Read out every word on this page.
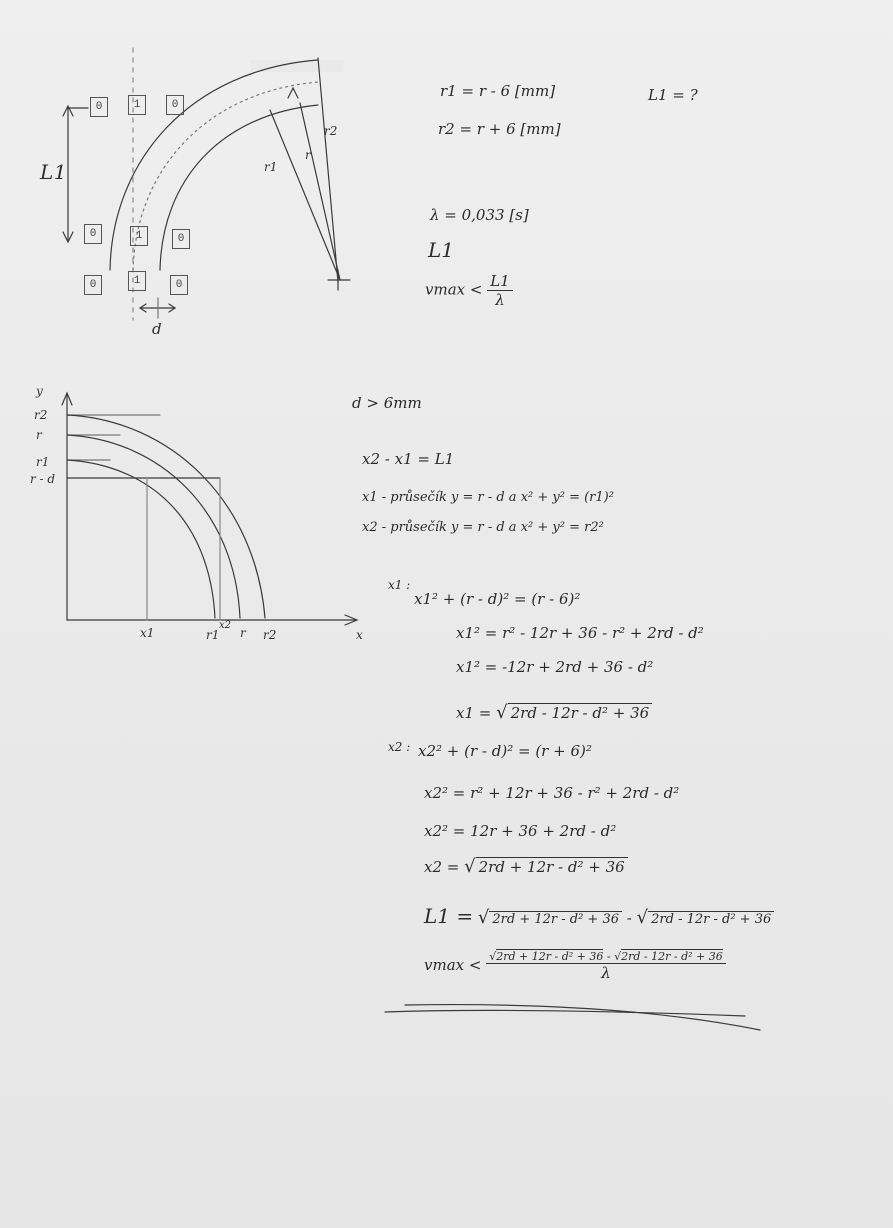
▒▒▒▒▒▒▒▒▒▒▒▒
0	1	0
0	1	0
0	1	0
L1
d
r
r1
r2
r1 = r - 6 [mm]
r2 = r + 6 [mm]
L1 = ?
λ = 0,033 [s]
L1
$vmax < \frac{L1}{\lambda}$
r2
r
r1
r - d
y
x1	r1
x2
r r2	x
d > 6mm
x2 - x1 = L1
x1 - průsečík y = r - d a x² + y² = (r1)²
x2 - průsečík y = r - d a x² + y² = r2²
x1 :
x1² + (r - d)² = (r - 6)²
x1² = r² - 12r + 36 - r² + 2rd - d²
x1² = -12r + 2rd + 36 - d²
x1 = √ 2rd - 12r - d² + 36
x2 : x2² + (r - d)² = (r + 6)²
x2² = r² + 12r + 36 - r² + 2rd - d²
x2² = 12r + 36 + 2rd - d²
x2 = √ 2rd + 12r - d² + 36
L1 = √ 2rd + 12r - d² + 36 - √ 2rd - 12r - d² + 36
$vmax < \frac{\text{√2rd + 12r - d² + 36 - √2rd - 12r - d² + 36}}{\lambda}$
